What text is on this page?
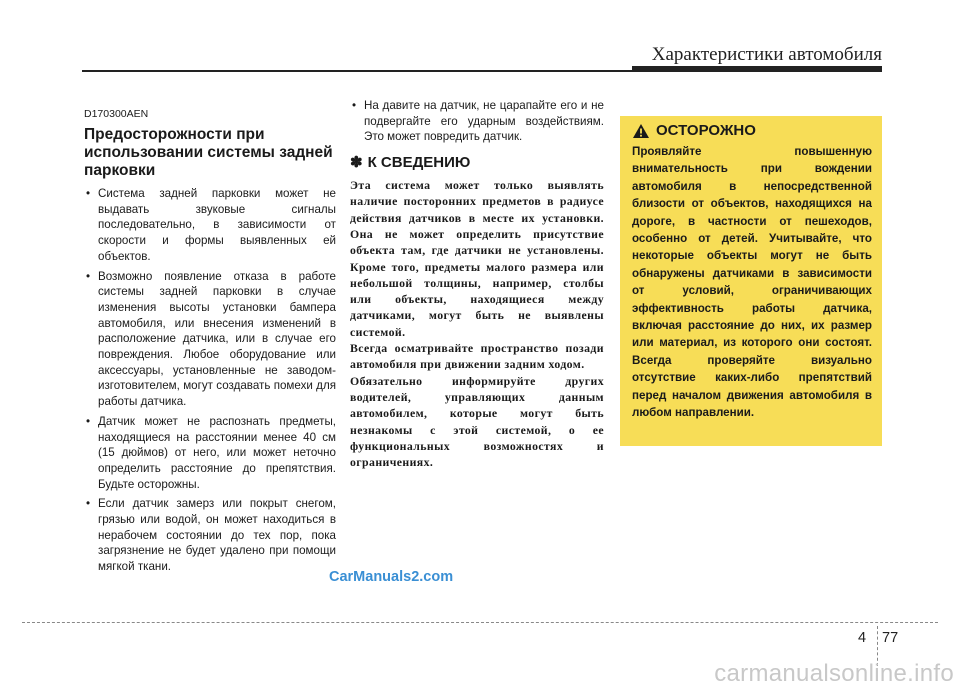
Характеристики автомобиля
D170300AEN
Предосторожности при использовании системы задней парковки
• Система задней парковки может не выдавать звуковые сигналы последовательно, в зависимости от скорости и формы выявленных ей объектов.
• Возможно появление отказа в работе системы задней парковки в случае изменения высоты установки бампера автомобиля, или внесения изменений в расположение датчика, или в случае его повреждения. Любое оборудование или аксессуары, установленные не заводом-изготовителем, могут создавать помехи для работы датчика.
• Датчик может не распознать предметы, находящиеся на расстоянии менее 40 см (15 дюймов) от него, или может неточно определить расстояние до препятствия. Будьте осторожны.
• Если датчик замерз или покрыт снегом, грязью или водой, он может находиться в нерабочем состоянии до тех пор, пока загрязнение не будет удалено при помощи мягкой ткани.
• На давите на датчик, не царапайте его и не подвергайте его ударным воздействиям. Это может повредить датчик.
✽ К СВЕДЕНИЮ

Эта система может только выявлять наличие посторонних предметов в радиусе действия датчиков в месте их установки. Она не может определить присутствие объекта там, где датчики не установлены. Кроме того, предметы малого размера или небольшой толщины, например, столбы или объекты, находящиеся между датчиками, могут быть не выявлены системой.

Всегда осматривайте пространство позади автомобиля при движении задним ходом.

Обязательно информируйте других водителей, управляющих данным автомобилем, которые могут быть незнакомы с этой системой, о ее функциональных возможностях и ограничениях.

ОСТОРОЖНО

Проявляйте повышенную внимательность при вождении автомобиля в непосредственной близости от объектов, находящихся на дороге, в частности от пешеходов, особенно от детей. Учитывайте, что некоторые объекты могут не быть обнаружены датчиками в зависимости от условий, ограничивающих эффективность работы датчика, включая расстояние до них, их размер или материал, из которого они состоят. Всегда проверяйте визуально отсутствие каких-либо препятствий перед началом движения автомобиля в любом направлении.

CarManuals2.com
4 77
carmanualsonline.info
